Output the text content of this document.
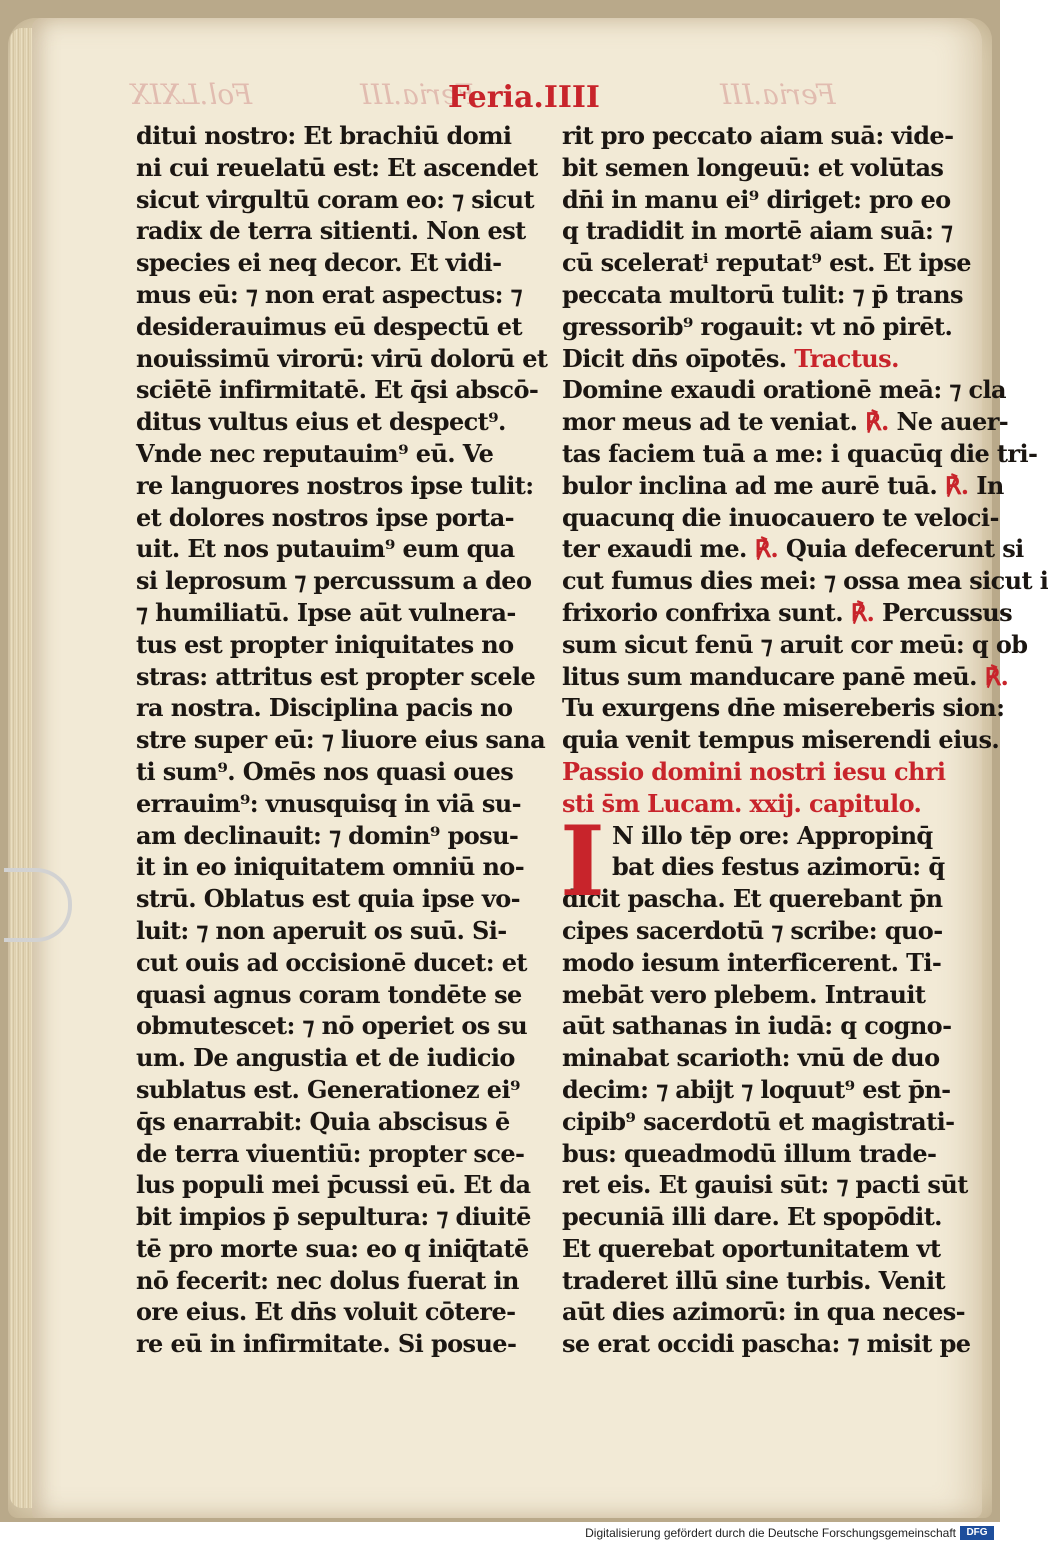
Fol.LXIX	Feria.III	Feria.III
Feria.IIII
ditui nostro: Et brachiū domi
ni cui reuelatū est: Et ascendet
sicut virgultū coram eo: ⁊ sicut
radix de terra sitienti. Non est
species ei neq decor. Et vidi-
mus eū: ⁊ non erat aspectus: ⁊
desiderauimus eū despectū et
nouissimū virorū: virū dolorū et
sciētē infirmitatē. Et q̄si abscō-
ditus vultus eius et despect⁹.
Vnde nec reputauim⁹ eū. Ve
re languores nostros ipse tulit:
et dolores nostros ipse porta-
uit. Et nos putauim⁹ eum qua
si leprosum ⁊ percussum a deo
⁊ humiliatū. Ipse aūt vulnera-
tus est propter iniquitates no
stras: attritus est propter scele
ra nostra. Disciplina pacis no
stre super eū: ⁊ liuore eius sana
ti sum⁹. Omēs nos quasi oues
errauim⁹: vnusquisq in viā su-
am declinauit: ⁊ domin⁹ posu-
it in eo iniquitatem omniū no-
strū. Oblatus est quia ipse vo-
luit: ⁊ non aperuit os suū. Si-
cut ouis ad occisionē ducet: et
quasi agnus coram tondēte se
obmutescet: ⁊ nō operiet os su
um. De angustia et de iudicio
sublatus est. Generationez ei⁹
q̄s enarrabit: Quia abscisus ē
de terra viuentiū: propter sce-
lus populi mei p̄cussi eū. Et da
bit impios p̄ sepultura: ⁊ diuitē
tē pro morte sua: eo q iniq̄tatē
nō fecerit: nec dolus fuerat in
ore eius. Et dn̄s voluit cōtere-
re eū in infirmitate. Si posue-
I
rit pro peccato aiam suā: vide-
bit semen longeuū: et volūtas
dn̄i in manu ei⁹ diriget: pro eo
q tradidit in mortē aiam suā: ⁊
cū sceleratⁱ reputat⁹ est. Et ipse
peccata multorū tulit: ⁊ p̄ trans
gressorib⁹ rogauit: vt nō pirēt.
Dicit dn̄s oīpotēs. Tractus.
Domine exaudi orationē meā: ⁊ cla
mor meus ad te veniat. ℟. Ne auer-
tas faciem tuā a me: i quacūq die tri-
bulor inclina ad me aurē tuā. ℟. In
quacunq die inuocauero te veloci-
ter exaudi me. ℟. Quia defecerunt si
cut fumus dies mei: ⁊ ossa mea sicut i
frixorio confrixa sunt. ℟. Percussus
sum sicut fenū ⁊ aruit cor meū: q ob
litus sum manducare panē meū. ℟.
Tu exurgens dn̄e misereberis sion:
quia venit tempus miserendi eius.
Passio domini nostri iesu chri
sti s̄m Lucam. xxij. capitulo.
N illo tēp ore: Appropinq̄
bat dies festus azimorū: q̄
dicit pascha. Et querebant p̄n
cipes sacerdotū ⁊ scribe: quo-
modo iesum interficerent. Ti-
mebāt vero plebem. Intrauit
aūt sathanas in iudā: q cogno-
minabat scarioth: vnū de duo
decim: ⁊ abijt ⁊ loquut⁹ est p̄n-
cipib⁹ sacerdotū et magistrati-
bus: queadmodū illum trade-
ret eis. Et gauisi sūt: ⁊ pacti sūt
pecuniā illi dare. Et spopōdit.
Et querebat oportunitatem vt
traderet illū sine turbis. Venit
aūt dies azimorū: in qua neces-
se erat occidi pascha: ⁊ misit pe
Digitalisierung gefördert durch die Deutsche Forschungsgemeinschaft	DFG
